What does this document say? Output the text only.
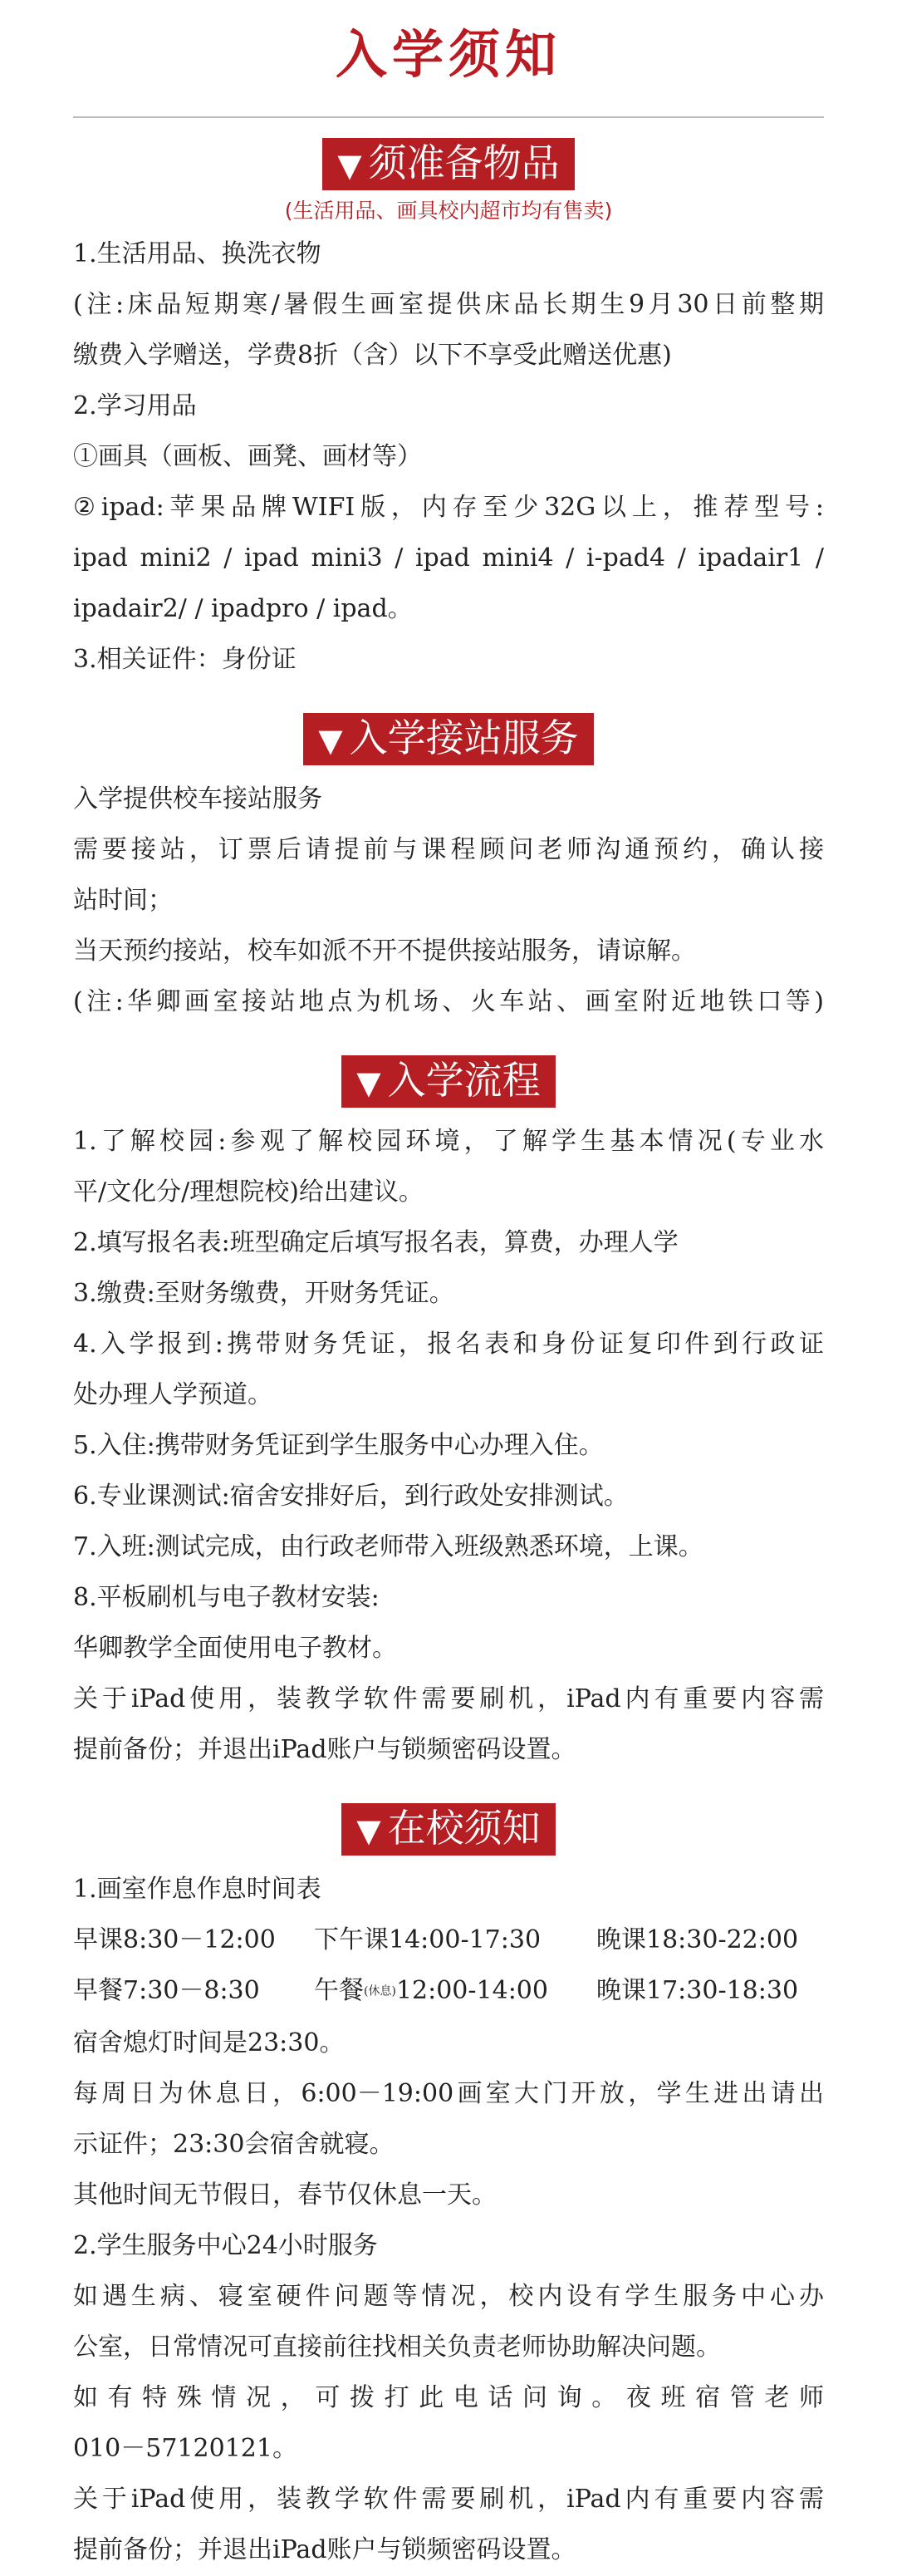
入学须知
▼ 须准备物品
(生活用品、画具校内超市均有售卖)
1.生活用品、换洗衣物
(注:床品短期寒/暑假生画室提供床品长期生9月30日前整期
缴费入学赠送，学费8折（含）以下不享受此赠送优惠)
2.学习用品
①画具（画板、画凳、画材等）
②ipad:苹果品牌WIFI版，内存至少32G以上，推荐型号:
ipad mini2 / ipad mini3 / ipad mini4 / i-pad4 / ipadair1 /
ipadair2/ / ipadpro / ipad。
3.相关证件：身份证
▼ 入学接站服务
入学提供校车接站服务
需要接站，订票后请提前与课程顾问老师沟通预约，确认接
站时间；
当天预约接站，校车如派不开不提供接站服务，请谅解。
(注:华卿画室接站地点为机场、火车站、画室附近地铁口等)
▼ 入学流程
1.了解校园:参观了解校园环境，了解学生基本情况(专业水
平/文化分/理想院校)给出建议。
2.填写报名表:班型确定后填写报名表，算费，办理人学
3.缴费:至财务缴费，开财务凭证。
4.入学报到:携带财务凭证，报名表和身份证复印件到行政证
处办理人学预道。
5.入住:携带财务凭证到学生服务中心办理入住。
6.专业课测试:宿舍安排好后，到行政处安排测试。
7.入班:测试完成，由行政老师带入班级熟悉环境，上课。
8.平板刷机与电子教材安装:
华卿教学全面使用电子教材。
关于iPad使用，装教学软件需要刷机，iPad内有重要内容需
提前备份；并退出iPad账户与锁频密码设置。
▼ 在校须知
1.画室作息作息时间表
早课8:30－12:00	下午课14:00-17:30	晚课18:30-22:00
早餐7:30－8:30	午餐(休息)12:00-14:00	晚课17:30-18:30
宿舍熄灯时间是23:30。
每周日为休息日，6:00－19:00画室大门开放，学生进出请出
示证件；23:30会宿舍就寝。
其他时间无节假日，春节仅休息一天。
2.学生服务中心24小时服务
如遇生病、寝室硬件问题等情况，校内设有学生服务中心办
公室，日常情况可直接前往找相关负责老师协助解决问题。
如有特殊情况，可拨打此电话问询。夜班宿管老师
010－57120121。
关于iPad使用，装教学软件需要刷机，iPad内有重要内容需
提前备份；并退出iPad账户与锁频密码设置。
